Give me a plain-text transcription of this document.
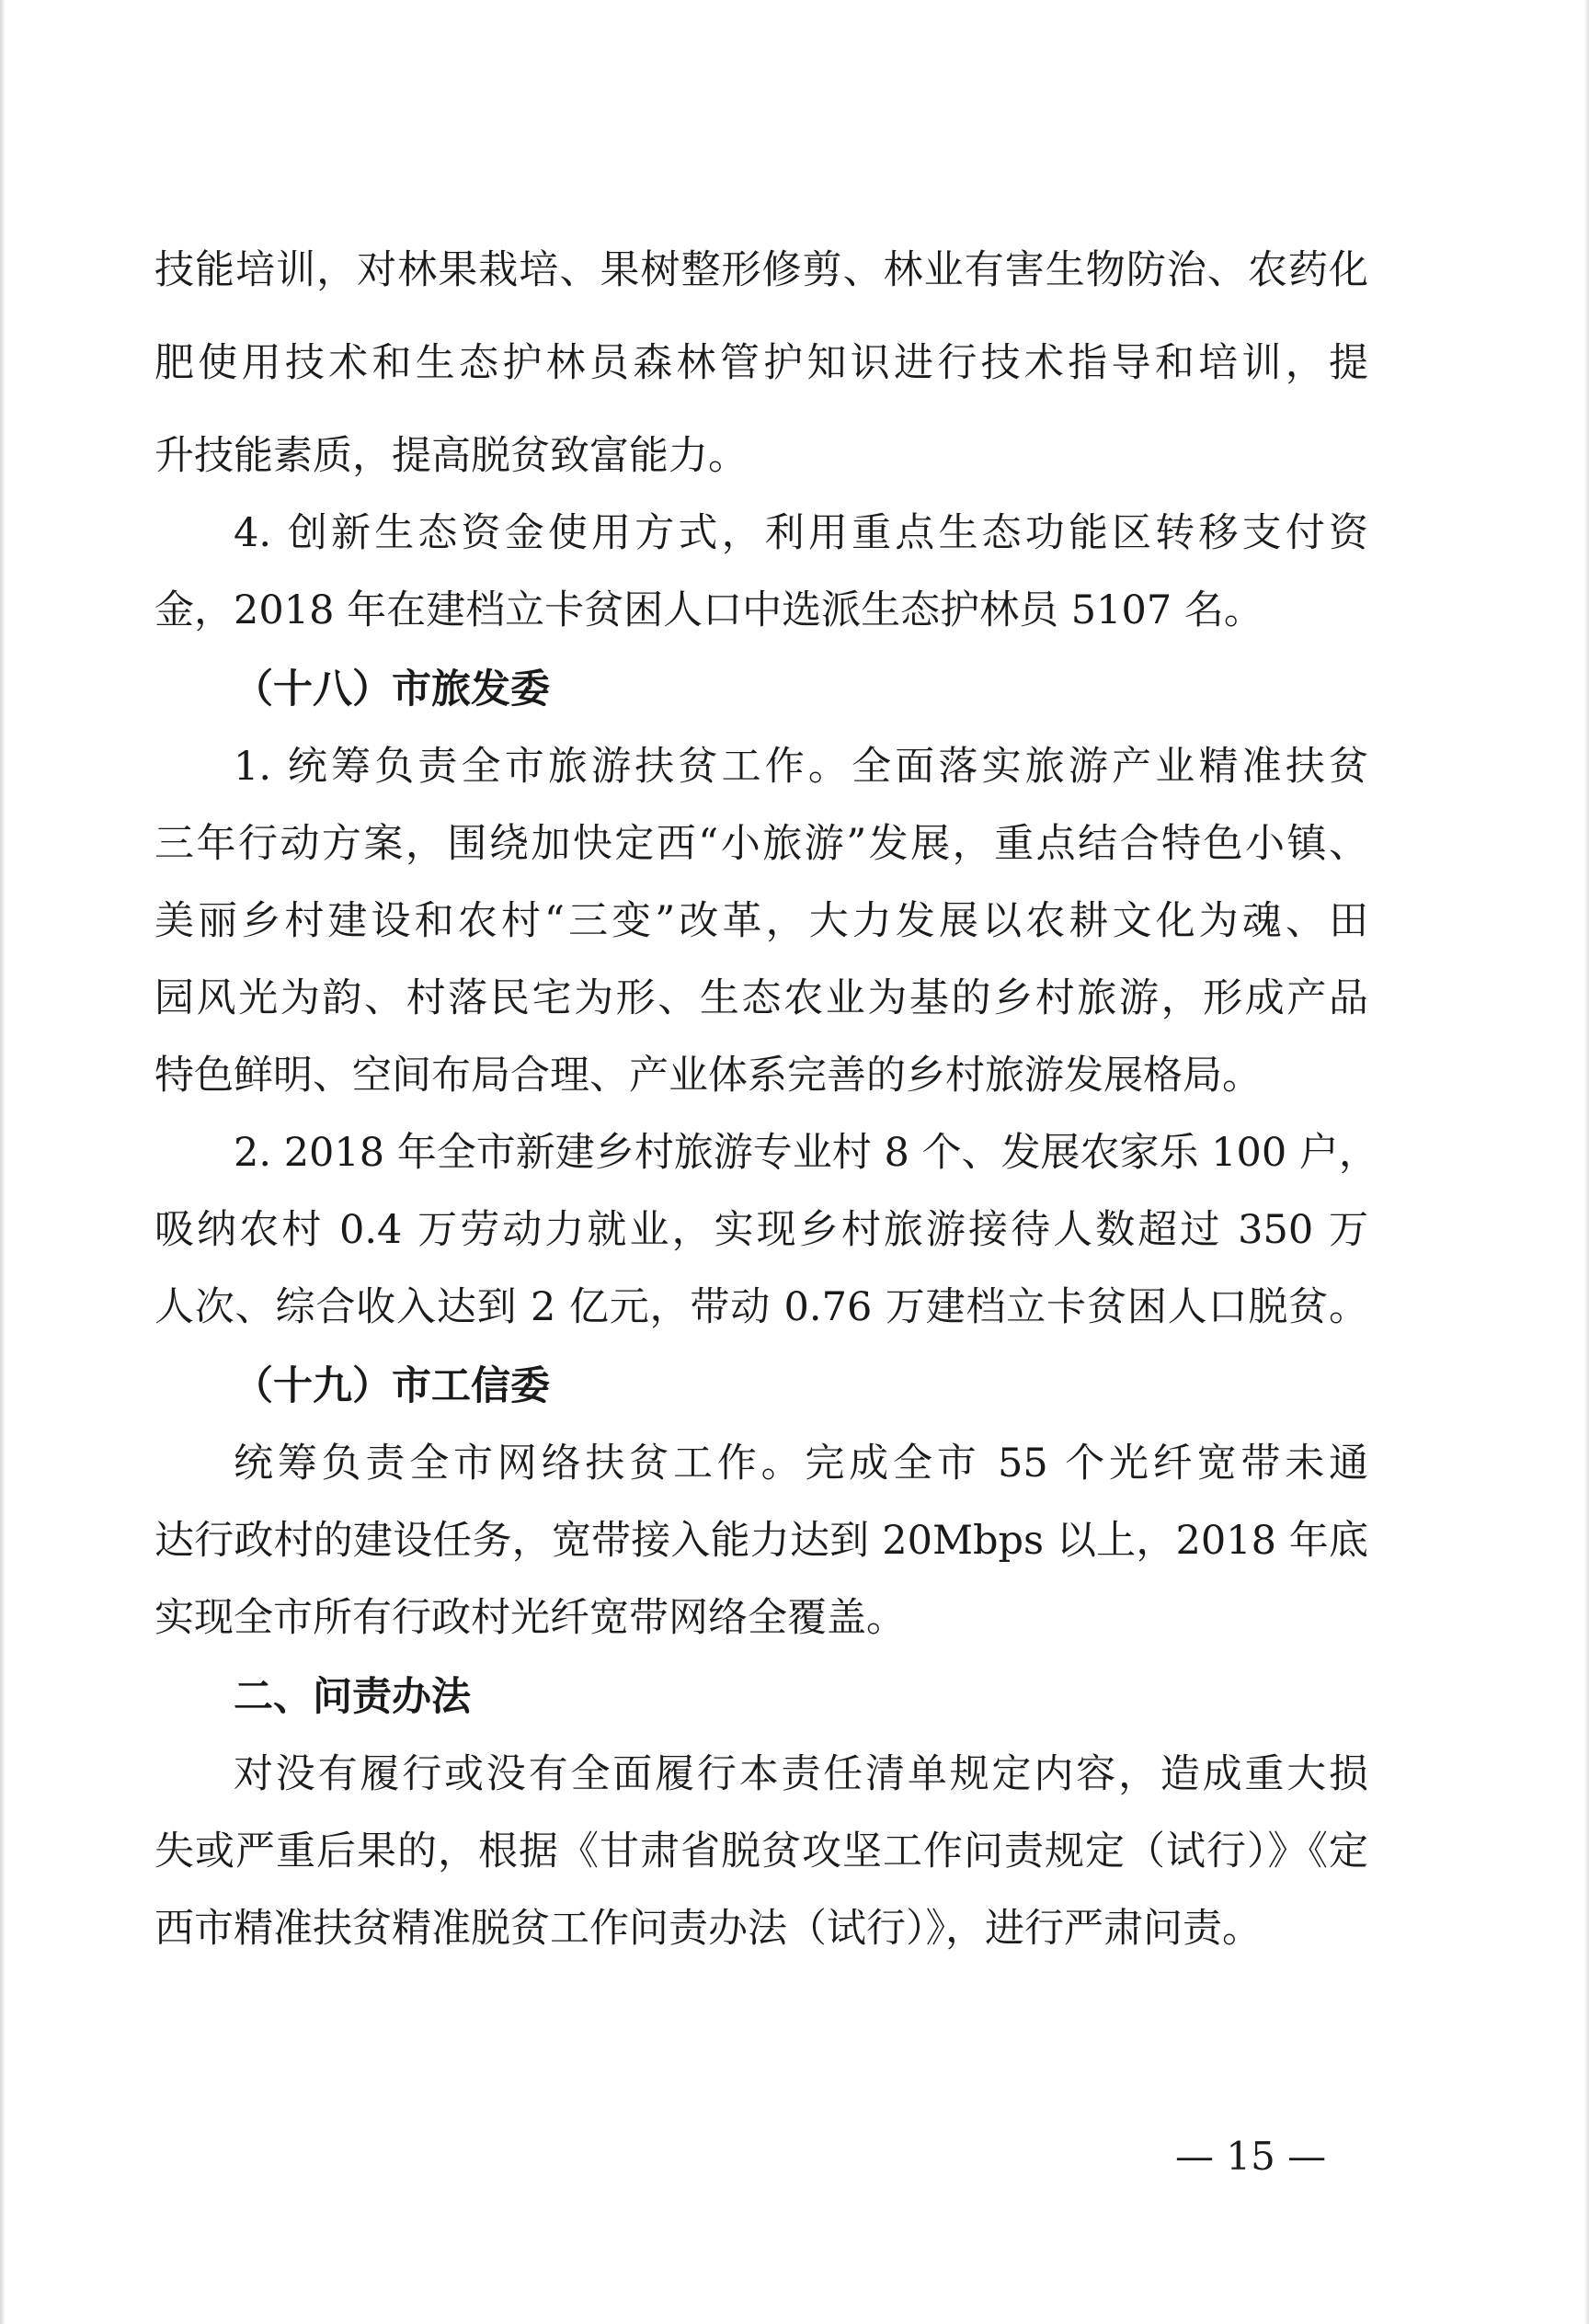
技能培训，对林果栽培、果树整形修剪、林业有害生物防治、农药化
肥使用技术和生态护林员森林管护知识进行技术指导和培训，提
升技能素质，提高脱贫致富能力。
4. 创新生态资金使用方式，利用重点生态功能区转移支付资
金，2018 年在建档立卡贫困人口中选派生态护林员 5107 名。
（十八）市旅发委
1. 统筹负责全市旅游扶贫工作。全面落实旅游产业精准扶贫
三年行动方案，围绕加快定西“小旅游”发展，重点结合特色小镇、
美丽乡村建设和农村“三变”改革，大力发展以农耕文化为魂、田
园风光为韵、村落民宅为形、生态农业为基的乡村旅游，形成产品
特色鲜明、空间布局合理、产业体系完善的乡村旅游发展格局。
2. 2018 年全市新建乡村旅游专业村 8 个、发展农家乐 100 户，
吸纳农村 0.4 万劳动力就业，实现乡村旅游接待人数超过 350 万
人次、综合收入达到 2 亿元，带动 0.76 万建档立卡贫困人口脱贫。
（十九）市工信委
统筹负责全市网络扶贫工作。完成全市 55 个光纤宽带未通
达行政村的建设任务，宽带接入能力达到 20Mbps 以上，2018 年底
实现全市所有行政村光纤宽带网络全覆盖。
二、问责办法
对没有履行或没有全面履行本责任清单规定内容，造成重大损
失或严重后果的，根据《甘肃省脱贫攻坚工作问责规定（试行）》《定
西市精准扶贫精准脱贫工作问责办法（试行）》，进行严肃问责。
— 15 —
